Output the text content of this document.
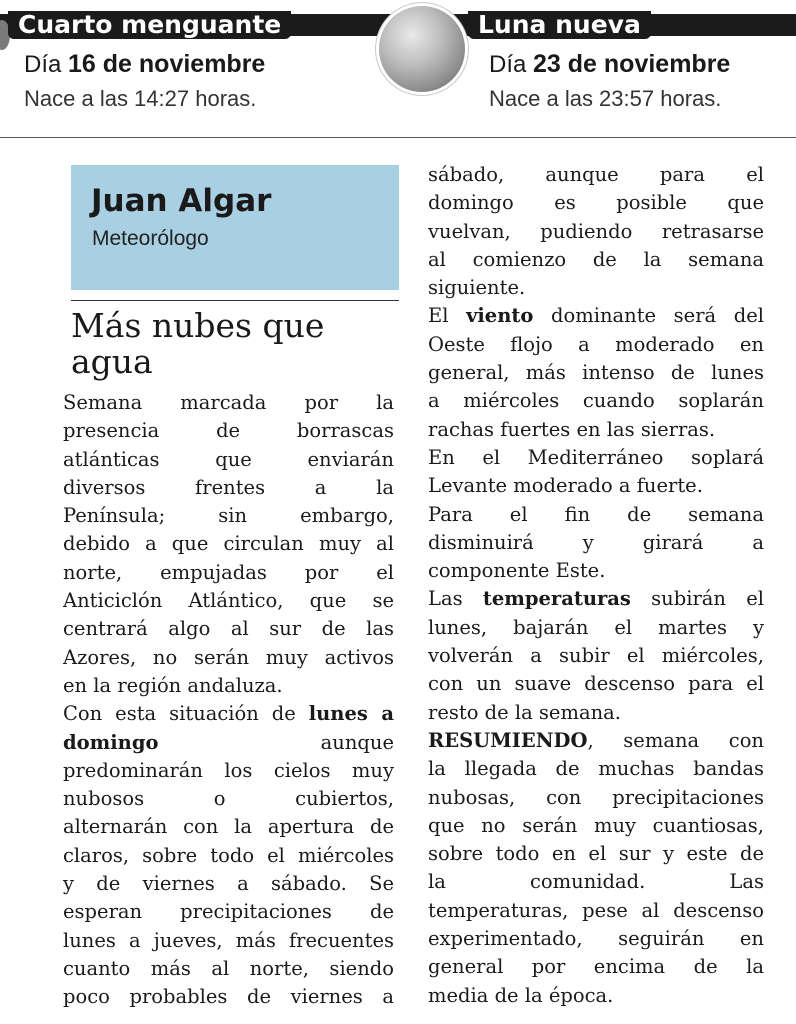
Cuarto menguante	Luna nueva
Día 16 de noviembre	Día 23 de noviembre
Nace a las 14:27 horas.	Nace a las 23:57 horas.
Juan Algar
Meteorólogo
Más nubes que agua
Semana marcada por la
presencia de borrascas
atlánticas que enviarán
diversos frentes a la
Península; sin embargo,
debido a que circulan muy al
norte, empujadas por el
Anticiclón Atlántico, que se
centrará algo al sur de las
Azores, no serán muy activos
en la región andaluza.
Con esta situación de lunes a
domingo aunque
predominarán los cielos muy
nubosos o cubiertos,
alternarán con la apertura de
claros, sobre todo el miércoles
y de viernes a sábado. Se
esperan precipitaciones de
lunes a jueves, más frecuentes
cuanto más al norte, siendo
poco probables de viernes a
sábado, aunque para el
domingo es posible que
vuelvan, pudiendo retrasarse
al comienzo de la semana
siguiente.
El viento dominante será del
Oeste flojo a moderado en
general, más intenso de lunes
a miércoles cuando soplarán
rachas fuertes en las sierras.
En el Mediterráneo soplará
Levante moderado a fuerte.
Para el fin de semana
disminuirá y girará a
componente Este.
Las temperaturas subirán el
lunes, bajarán el martes y
volverán a subir el miércoles,
con un suave descenso para el
resto de la semana.
RESUMIENDO, semana con
la llegada de muchas bandas
nubosas, con precipitaciones
que no serán muy cuantiosas,
sobre todo en el sur y este de
la comunidad. Las
temperaturas, pese al descenso
experimentado, seguirán en
general por encima de la
media de la época.
